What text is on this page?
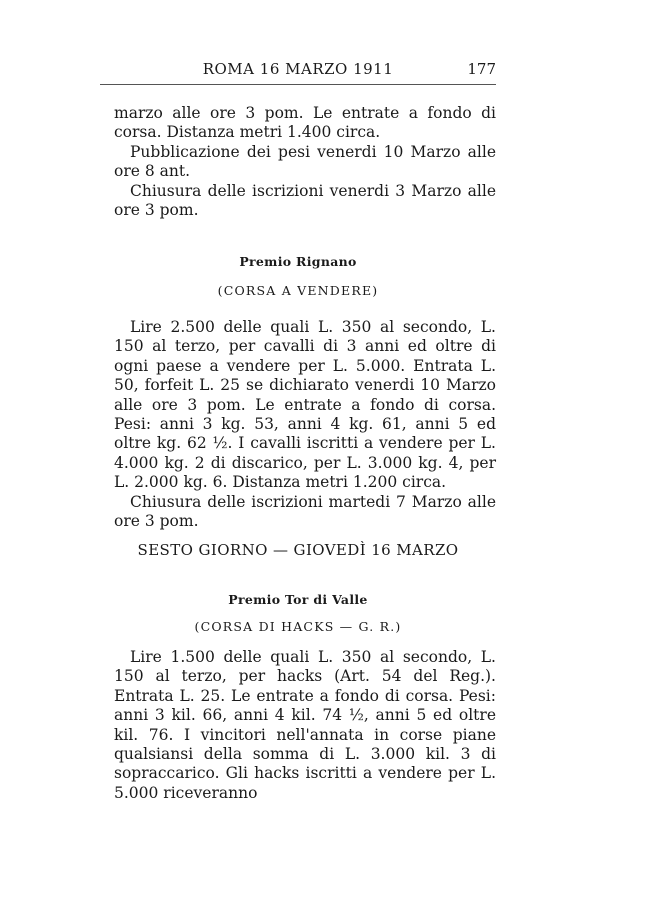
ROMA 16 MARZO 1911	177

marzo alle ore 3 pom. Le entrate a fondo di corsa. Distanza metri 1.400 circa.

Pubblicazione dei pesi venerdi 10 Marzo alle ore 8 ant.

Chiusura delle iscrizioni venerdi 3 Marzo alle ore 3 pom.

Premio Rignano
(CORSA A VENDERE)

Lire 2.500 delle quali L. 350 al secondo, L. 150 al terzo, per cavalli di 3 anni ed oltre di ogni paese a vendere per L. 5.000. Entrata L. 50, forfeit L. 25 se dichiarato venerdi 10 Marzo alle ore 3 pom. Le entrate a fondo di corsa. Pesi: anni 3 kg. 53, anni 4 kg. 61, anni 5 ed oltre kg. 62 ½. I cavalli iscritti a vendere per L. 4.000 kg. 2 di discarico, per L. 3.000 kg. 4, per L. 2.000 kg. 6. Distanza metri 1.200 circa.

Chiusura delle iscrizioni martedi 7 Marzo alle ore 3 pom.

SESTO GIORNO — GIOVEDÌ 16 MARZO
Premio Tor di Valle
(CORSA DI HACKS — G. R.)

Lire 1.500 delle quali L. 350 al secondo, L. 150 al terzo, per hacks (Art. 54 del Reg.). Entrata L. 25. Le entrate a fondo di corsa. Pesi: anni 3 kil. 66, anni 4 kil. 74 ½, anni 5 ed oltre kil. 76. I vincitori nell'annata in corse piane qualsiansi della somma di L. 3.000 kil. 3 di sopraccarico. Gli hacks iscritti a vendere per L. 5.000 riceveranno
